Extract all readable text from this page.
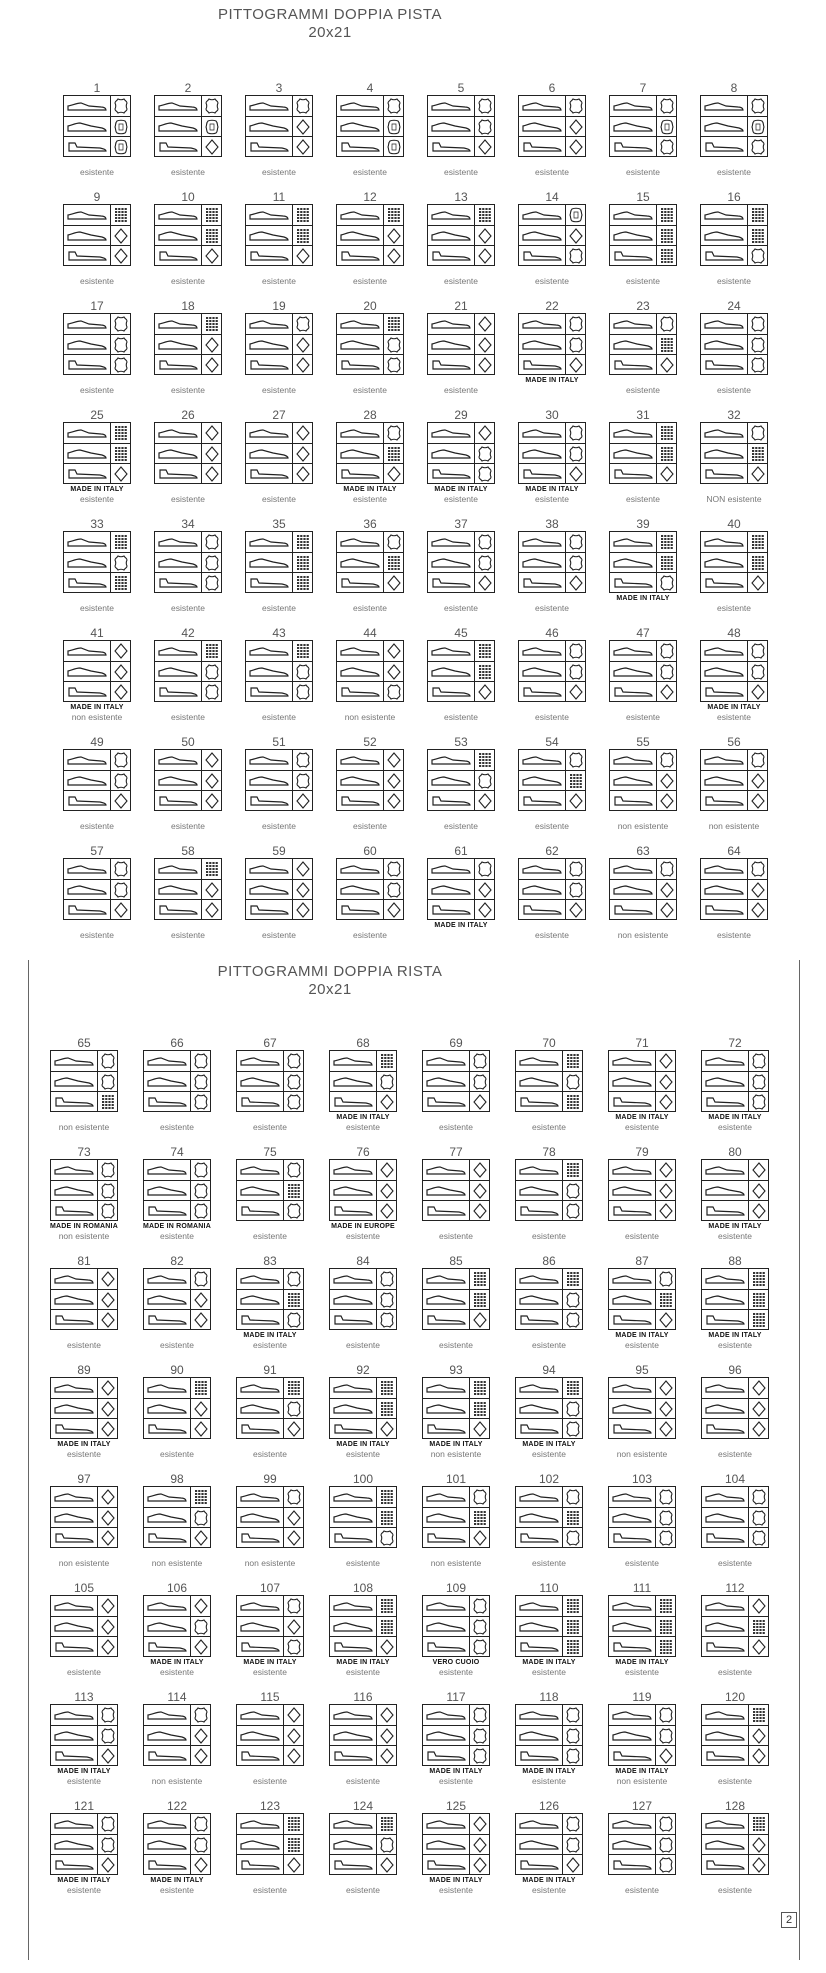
PITTOGRAMMI DOPPIA PISTA
20x21
PITTOGRAMMI DOPPIA RISTA
20x21
1
esistente
2
esistente
3
esistente
4
esistente
5
esistente
6
esistente
7
esistente
8
esistente
9
esistente
10
esistente
11
esistente
12
esistente
13
esistente
14
esistente
15
esistente
16
esistente
17
esistente
18
esistente
19
esistente
20
esistente
21
esistente
22
MADE IN ITALY
23
esistente
24
esistente
25
MADE IN ITALY
esistente
26
esistente
27
esistente
28
MADE IN ITALY
esistente
29
MADE IN ITALY
esistente
30
MADE IN ITALY
esistente
31
esistente
32
NON esistente
33
esistente
34
esistente
35
esistente
36
esistente
37
esistente
38
esistente
39
MADE IN ITALY
40
esistente
41
MADE IN ITALY
non esistente
42
esistente
43
esistente
44
non esistente
45
esistente
46
esistente
47
esistente
48
MADE IN ITALY
esistente
49
esistente
50
esistente
51
esistente
52
esistente
53
esistente
54
esistente
55
non esistente
56
non esistente
57
esistente
58
esistente
59
esistente
60
esistente
61
MADE IN ITALY
62
esistente
63
non esistente
64
esistente
65
non esistente
66
esistente
67
esistente
68
MADE IN ITALY
esistente
69
esistente
70
esistente
71
MADE IN ITALY
esistente
72
MADE IN ITALY
esistente
73
MADE IN ROMANIA
non esistente
74
MADE IN ROMANIA
esistente
75
esistente
76
MADE IN EUROPE
esistente
77
esistente
78
esistente
79
esistente
80
MADE IN ITALY
esistente
81
esistente
82
esistente
83
MADE IN ITALY
esistente
84
esistente
85
esistente
86
esistente
87
MADE IN ITALY
esistente
88
MADE IN ITALY
esistente
89
MADE IN ITALY
esistente
90
esistente
91
esistente
92
MADE IN ITALY
esistente
93
MADE IN ITALY
non esistente
94
MADE IN ITALY
esistente
95
non esistente
96
esistente
97
non esistente
98
non esistente
99
non esistente
100
esistente
101
non esistente
102
esistente
103
esistente
104
esistente
105
esistente
106
MADE IN ITALY
esistente
107
MADE IN ITALY
esistente
108
MADE IN ITALY
esistente
109
VERO CUOIO
esistente
110
MADE IN ITALY
esistente
111
MADE IN ITALY
esistente
112
esistente
113
MADE IN ITALY
esistente
114
non esistente
115
esistente
116
esistente
117
MADE IN ITALY
esistente
118
MADE IN ITALY
esistente
119
MADE IN ITALY
non esistente
120
esistente
121
MADE IN ITALY
esistente
122
MADE IN ITALY
esistente
123
esistente
124
esistente
125
MADE IN ITALY
esistente
126
MADE IN ITALY
esistente
127
esistente
128
esistente
2
